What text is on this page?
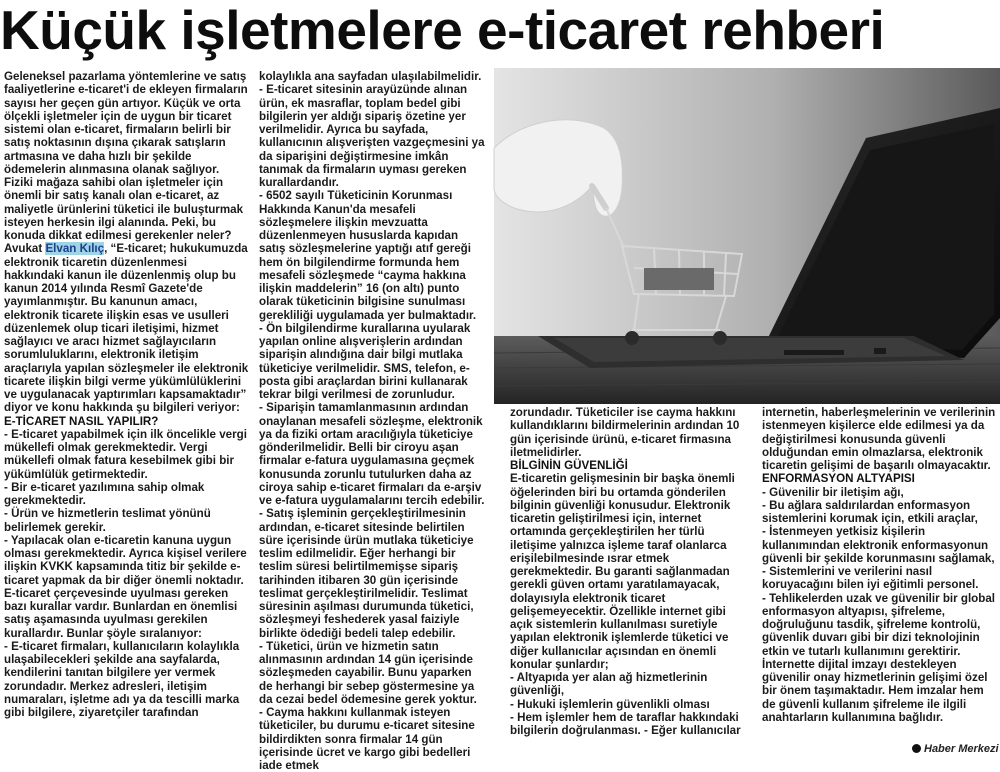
Küçük işletmelere e-ticaret rehberi

Geleneksel pazarlama yöntemlerine ve satış faaliyetlerine e-ticaret'i de ekleyen firmaların sayısı her geçen gün artıyor. Küçük ve orta ölçekli işletmeler için de uygun bir ticaret sistemi olan e-ticaret, firmaların belirli bir satış noktasının dışına çıkarak satışların artmasına ve daha hızlı bir şekilde ödemelerin alınmasına olanak sağlıyor. Fiziki mağaza sahibi olan işletmeler için önemli bir satış kanalı olan e-ticaret, az maliyetle ürünlerini tüketici ile buluşturmak isteyen herkesin ilgi alanında. Peki, bu konuda dikkat edilmesi gerekenler neler?

Avukat Elvan Kılıç, “E-ticaret; hukukumuzda elektronik ticaretin düzenlenmesi hakkındaki kanun ile düzenlenmiş olup bu kanun 2014 yılında Resmî Gazete'de yayımlanmıştır. Bu kanunun amacı, elektronik ticarete ilişkin esas ve usulleri düzenlemek olup ticari iletişimi, hizmet sağlayıcı ve aracı hizmet sağlayıcıların sorumluluklarını, elektronik iletişim araçlarıyla yapılan sözleşmeler ile elektronik ticarete ilişkin bilgi verme yükümlülüklerini ve uygulanacak yaptırımları kapsamaktadır” diyor ve konu hakkında şu bilgileri veriyor:

E-TİCARET NASIL YAPILIR?

- E-ticaret yapabilmek için ilk öncelikle vergi mükellefi olmak gerekmektedir. Vergi mükellefi olmak fatura kesebilmek gibi bir yükümlülük getirmektedir.

- Bir e-ticaret yazılımına sahip olmak gerekmektedir.

- Ürün ve hizmetlerin teslimat yönünü belirlemek gerekir.

- Yapılacak olan e-ticaretin kanuna uygun olması gerekmektedir. Ayrıca kişisel verilere ilişkin KVKK kapsamında titiz bir şekilde e-ticaret yapmak da bir diğer önemli noktadır. E-ticaret çerçevesinde uyulması gereken bazı kurallar vardır. Bunlardan en önemlisi satış aşamasında uyulması gerekilen kurallardır. Bunlar şöyle sıralanıyor:

- E-ticaret firmaları, kullanıcıların kolaylıkla ulaşabilecekleri şekilde ana sayfalarda, kendilerini tanıtan bilgilere yer vermek zorundadır. Merkez adresleri, iletişim numaraları, işletme adı ya da tescilli marka gibi bilgilere, ziyaretçiler tarafından

kolaylıkla ana sayfadan ulaşılabilmelidir.

- E-ticaret sitesinin arayüzünde alınan ürün, ek masraflar, toplam bedel gibi bilgilerin yer aldığı sipariş özetine yer verilmelidir. Ayrıca bu sayfada, kullanıcının alışverişten vazgeçmesini ya da siparişini değiştirmesine imkân tanımak da firmaların uyması gereken kurallardandır.

- 6502 sayılı Tüketicinin Korunması Hakkında Kanun'da mesafeli sözleşmelere ilişkin mevzuatta düzenlenmeyen hususlarda kapıdan satış sözleşmelerine yaptığı atıf gereği hem ön bilgilendirme formunda hem mesafeli sözleşmede “cayma hakkına ilişkin maddelerin” 16 (on altı) punto olarak tüketicinin bilgisine sunulması gerekliliği uygulamada yer bulmaktadır.

- Ön bilgilendirme kurallarına uyularak yapılan online alışverişlerin ardından siparişin alındığına dair bilgi mutlaka tüketiciye verilmelidir. SMS, telefon, e-posta gibi araçlardan birini kullanarak tekrar bilgi verilmesi de zorunludur.

- Siparişin tamamlanmasının ardından onaylanan mesafeli sözleşme, elektronik ya da fiziki ortam aracılığıyla tüketiciye gönderilmelidir. Belli bir ciroyu aşan firmalar e-fatura uygulamasına geçmek konusunda zorunlu tutulurken daha az ciroya sahip e-ticaret firmaları da e-arşiv ve e-fatura uygulamalarını tercih edebilir.

- Satış işleminin gerçekleştirilmesinin ardından, e-ticaret sitesinde belirtilen süre içerisinde ürün mutlaka tüketiciye teslim edilmelidir. Eğer herhangi bir teslim süresi belirtilmemişse sipariş tarihinden itibaren 30 gün içerisinde teslimat gerçekleştirilmelidir. Teslimat süresinin aşılması durumunda tüketici, sözleşmeyi feshederek yasal faiziyle birlikte ödediği bedeli talep edebilir.

- Tüketici, ürün ve hizmetin satın alınmasının ardından 14 gün içerisinde sözleşmeden cayabilir. Bunu yaparken de herhangi bir sebep göstermesine ya da cezai bedel ödemesine gerek yoktur.

- Cayma hakkını kullanmak isteyen tüketiciler, bu durumu e-ticaret sitesine bildirdikten sonra firmalar 14 gün içerisinde ücret ve kargo gibi bedelleri iade etmek

zorundadır. Tüketiciler ise cayma hakkını kullandıklarını bildirmelerinin ardından 10 gün içerisinde ürünü, e-ticaret firmasına iletmelidirler.

BİLGİNİN GÜVENLİĞİ

E-ticaretin gelişmesinin bir başka önemli öğelerinden biri bu ortamda gönderilen bilginin güvenliği konusudur. Elektronik ticaretin geliştirilmesi için, internet ortamında gerçekleştirilen her türlü iletişime yalnızca işleme taraf olanlarca erişilebilmesinde ısrar etmek gerekmektedir. Bu garanti sağlanmadan gerekli güven ortamı yaratılamayacak, dolayısıyla elektronik ticaret gelişemeyecektir. Özellikle internet gibi açık sistemlerin kullanılması suretiyle yapılan elektronik işlemlerde tüketici ve diğer kullanıcılar açısından en önemli konular şunlardır;

- Altyapıda yer alan ağ hizmetlerinin güvenliği,

- Hukuki işlemlerin güvenlikli olması

- Hem işlemler hem de taraflar hakkındaki bilgilerin doğrulanması. - Eğer kullanıcılar

internetin, haberleşmelerinin ve verilerinin istenmeyen kişilerce elde edilmesi ya da değiştirilmesi konusunda güvenli olduğundan emin olmazlarsa, elektronik ticaretin gelişimi de başarılı olmayacaktır.

ENFORMASYON ALTYAPISI

- Güvenilir bir iletişim ağı,

- Bu ağlara saldırılardan enformasyon sistemlerini korumak için, etkili araçlar,

- İstenmeyen yetkisiz kişilerin kullanımından elektronik enformasyonun güvenli bir şekilde korunmasını sağlamak,

- Sistemlerini ve verilerini nasıl koruyacağını bilen iyi eğitimli personel.

- Tehlikelerden uzak ve güvenilir bir global enformasyon altyapısı, şifreleme, doğruluğunu tasdik, şifreleme kontrolü, güvenlik duvarı gibi bir dizi teknolojinin etkin ve tutarlı kullanımını gerektirir. İnternette dijital imzayı destekleyen güvenilir onay hizmetlerinin gelişimi özel bir önem taşımaktadır. Hem imzalar hem de güvenli kullanım şifreleme ile ilgili anahtarların kullanımına bağlıdır.

Haber Merkezi
